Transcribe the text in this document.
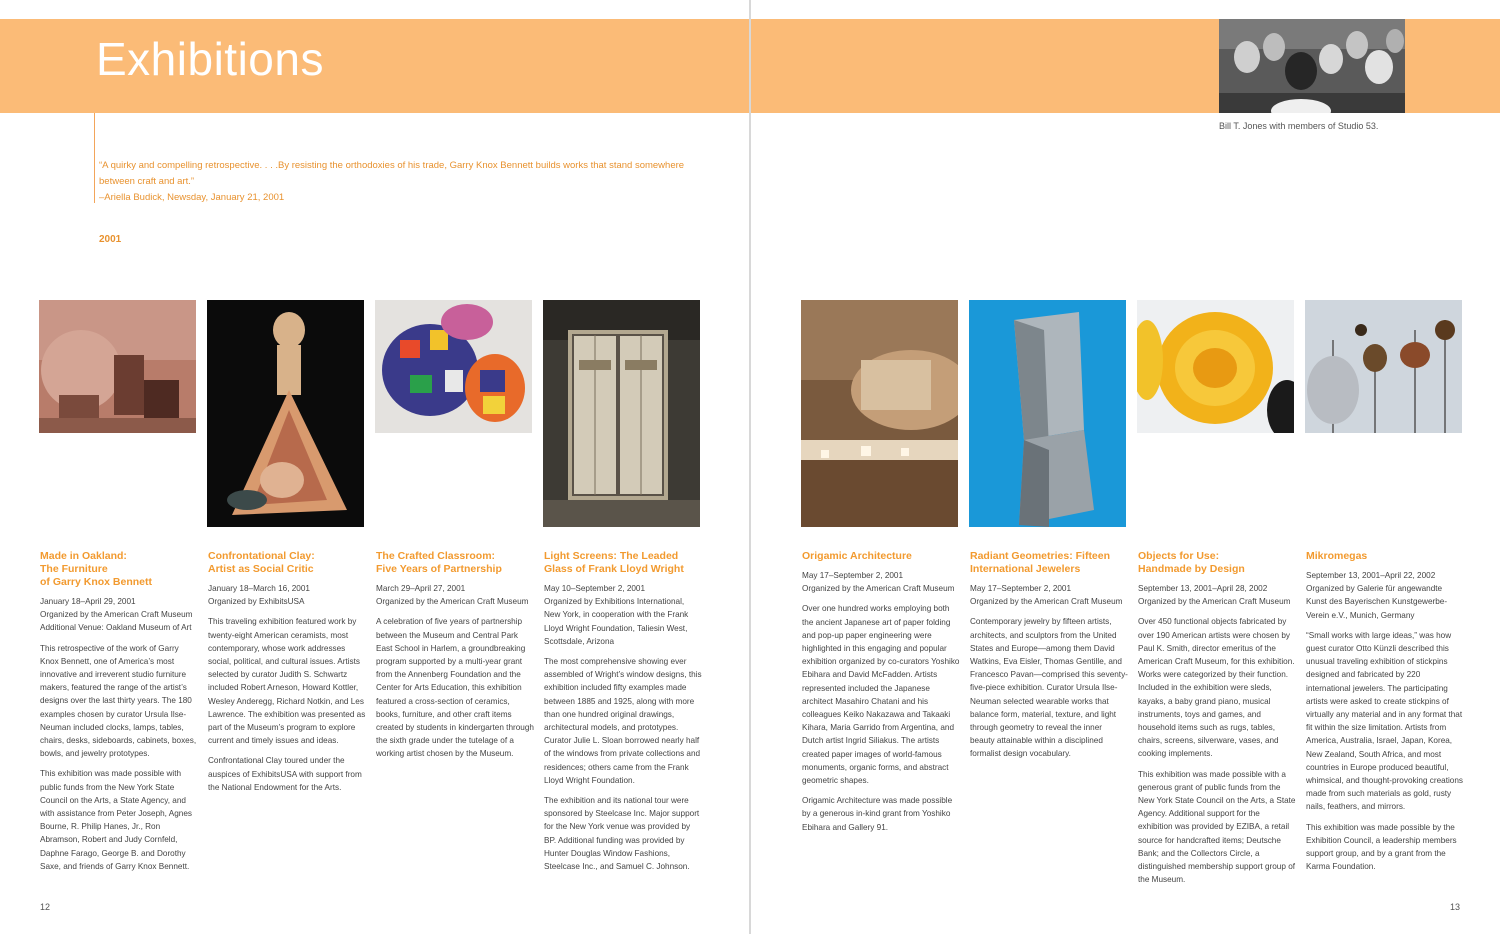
Exhibitions
Bill T. Jones with members of Studio 53.
“A quirky and compelling retrospective. . . .By resisting the orthodoxies of his trade, Garry Knox Bennett builds works that stand somewhere between craft and art.”
–Ariella Budick, Newsday, January 21, 2001
2001
Made in Oakland:
The Furniture
of Garry Knox Bennett

January 18–April 29, 2001

Organized by the American Craft Museum
Additional Venue: Oakland Museum of Art

This retrospective of the work of Garry Knox Bennett, one of America’s most innovative and irreverent studio furniture makers, featured the range of the artist’s designs over the last thirty years. The 180 examples chosen by curator Ursula Ilse-Neuman included clocks, lamps, tables, chairs, desks, sideboards, cabinets, boxes, bowls, and jewelry prototypes.

This exhibition was made possible with public funds from the New York State Council on the Arts, a State Agency, and with assistance from Peter Joseph, Agnes Bourne, R. Philip Hanes, Jr., Ron Abramson, Robert and Judy Cornfeld, Daphne Farago, George B. and Dorothy Saxe, and friends of Garry Knox Bennett.

Confrontational Clay:
Artist as Social Critic

January 18–March 16, 2001

Organized by ExhibitsUSA

This traveling exhibition featured work by twenty-eight American ceramists, most contemporary, whose work addresses social, political, and cultural issues. Artists selected by curator Judith S. Schwartz included Robert Arneson, Howard Kottler, Wesley Anderegg, Richard Notkin, and Les Lawrence. The exhibition was presented as part of the Museum’s program to explore current and timely issues and ideas.

Confrontational Clay toured under the auspices of ExhibitsUSA with support from the National Endowment for the Arts.

The Crafted Classroom:
Five Years of Partnership

March 29–April 27, 2001

Organized by the American Craft Museum

A celebration of five years of partnership between the Museum and Central Park East School in Harlem, a groundbreaking program supported by a multi-year grant from the Annenberg Foundation and the Center for Arts Education, this exhibition featured a cross-section of ceramics, books, furniture, and other craft items created by students in kindergarten through the sixth grade under the tutelage of a working artist chosen by the Museum.

Light Screens: The Leaded
Glass of Frank Lloyd Wright

May 10–September 2, 2001

Organized by Exhibitions International, New York, in cooperation with the Frank Lloyd Wright Foundation, Taliesin West, Scottsdale, Arizona

The most comprehensive showing ever assembled of Wright’s window designs, this exhibition included fifty examples made between 1885 and 1925, along with more than one hundred original drawings, architectural models, and prototypes. Curator Julie L. Sloan borrowed nearly half of the windows from private collections and residences; others came from the Frank Lloyd Wright Foundation.

The exhibition and its national tour were sponsored by Steelcase Inc. Major support for the New York venue was provided by BP. Additional funding was provided by Hunter Douglas Window Fashions, Steelcase Inc., and Samuel C. Johnson.

Origamic Architecture

May 17–September 2, 2001

Organized by the American Craft Museum

Over one hundred works employing both the ancient Japanese art of paper folding and pop-up paper engineering were highlighted in this engaging and popular exhibition organized by co-curators Yoshiko Ebihara and David McFadden. Artists represented included the Japanese architect Masahiro Chatani and his colleagues Keiko Nakazawa and Takaaki Kihara, Maria Garrido from Argentina, and Dutch artist Ingrid Siliakus. The artists created paper images of world-famous monuments, organic forms, and abstract geometric shapes.

Origamic Architecture was made possible by a generous in-kind grant from Yoshiko Ebihara and Gallery 91.

Radiant Geometries: Fifteen
International Jewelers

May 17–September 2, 2001

Organized by the American Craft Museum

Contemporary jewelry by fifteen artists, architects, and sculptors from the United States and Europe—among them David Watkins, Eva Eisler, Thomas Gentille, and Francesco Pavan—comprised this seventy-five-piece exhibition. Curator Ursula Ilse-Neuman selected wearable works that balance form, material, texture, and light through geometry to reveal the inner beauty attainable within a disciplined formalist design vocabulary.

Objects for Use:
Handmade by Design

September 13, 2001–April 28, 2002

Organized by the American Craft Museum

Over 450 functional objects fabricated by over 190 American artists were chosen by Paul K. Smith, director emeritus of the American Craft Museum, for this exhibition. Works were categorized by their function. Included in the exhibition were sleds, kayaks, a baby grand piano, musical instruments, toys and games, and household items such as rugs, tables, chairs, screens, silverware, vases, and cooking implements.

This exhibition was made possible with a generous grant of public funds from the New York State Council on the Arts, a State Agency. Additional support for the exhibition was provided by EZIBA, a retail source for handcrafted items; Deutsche Bank; and the Collectors Circle, a distinguished membership support group of the Museum.

Mikromegas

September 13, 2001–April 22, 2002

Organized by Galerie für angewandte Kunst des Bayerischen Kunstgewerbe-Verein e.V., Munich, Germany

“Small works with large ideas,” was how guest curator Otto Künzli described this unusual traveling exhibition of stickpins designed and fabricated by 220 international jewelers. The participating artists were asked to create stickpins of virtually any material and in any format that fit within the size limitation. Artists from America, Australia, Israel, Japan, Korea, New Zealand, South Africa, and most countries in Europe produced beautiful, whimsical, and thought-provoking creations made from such materials as gold, rusty nails, feathers, and mirrors.

This exhibition was made possible by the Exhibition Council, a leadership members support group, and by a grant from the Karma Foundation.

12	13
